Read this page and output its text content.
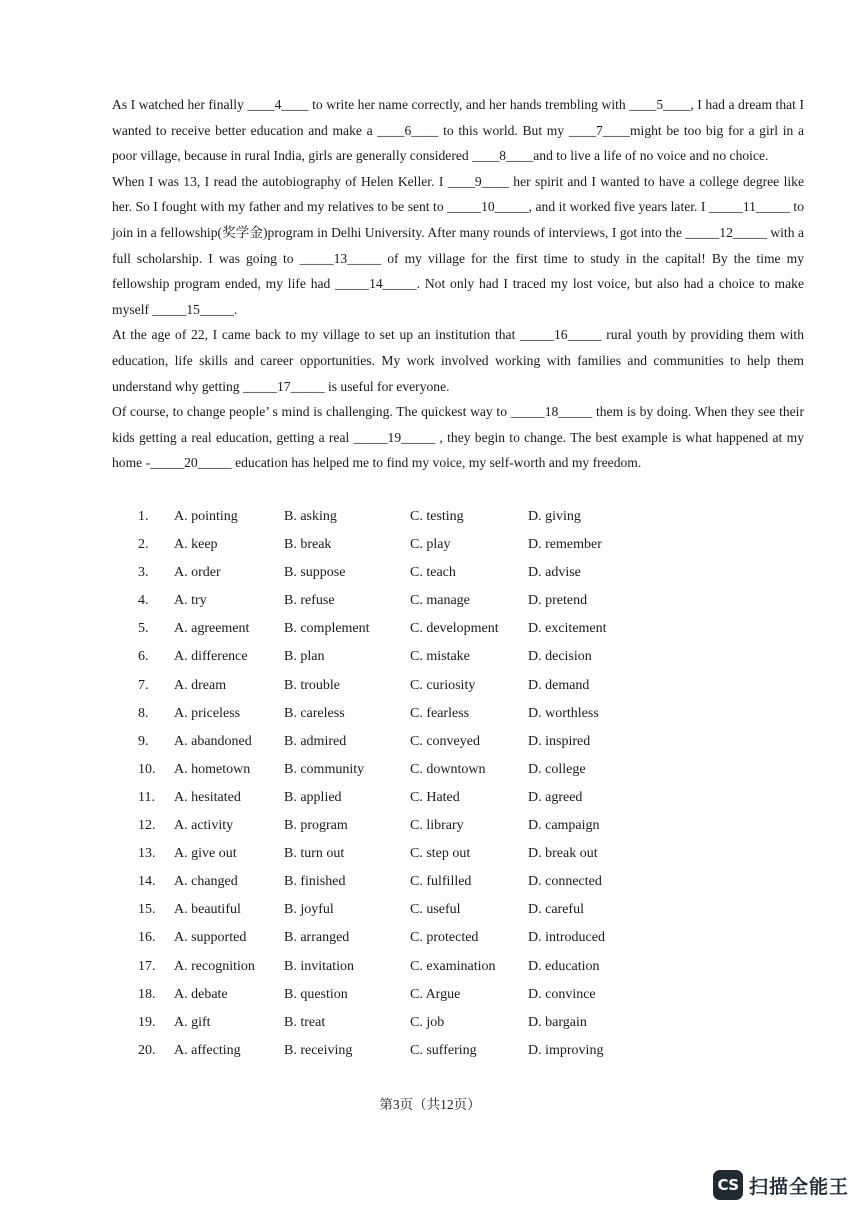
As I watched her finally ____4____ to write her name correctly, and her hands trembling with ____5____, I had a dream that I wanted to receive better education and make a ____6____ to this world. But my ____7____might be too big for a girl in a poor village, because in rural India, girls are generally considered ____8____and to live a life of no voice and no choice.

When I was 13, I read the autobiography of Helen Keller. I ____9____ her spirit and I wanted to have a college degree like her. So I fought with my father and my relatives to be sent to _____10_____, and it worked five years later. I _____11_____ to join in a fellowship(奖学金)program in Delhi University. After many rounds of interviews, I got into the _____12_____ with a full scholarship. I was going to _____13_____ of my village for the first time to study in the capital! By the time my fellowship program ended, my life had _____14_____. Not only had I traced my lost voice, but also had a choice to make myself _____15_____.

At the age of 22, I came back to my village to set up an institution that _____16_____ rural youth by providing them with education, life skills and career opportunities. My work involved working with families and communities to help them understand why getting _____17_____ is useful for everyone.

Of course, to change people’ s mind is challenging. The quickest way to _____18_____ them is by doing. When they see their kids getting a real education, getting a real _____19_____ , they begin to change. The best example is what happened at my home -_____20_____ education has helped me to find my voice, my self-worth and my freedom.

1.	A. pointing	B. asking	C. testing	D. giving
2.	A. keep	B. break	C. play	D. remember
3.	A. order	B. suppose	C. teach	D. advise
4.	A. try	B. refuse	C. manage	D. pretend
5.	A. agreement	B. complement	C. development	D. excitement
6.	A. difference	B. plan	C. mistake	D. decision
7.	A. dream	B. trouble	C. curiosity	D. demand
8.	A. priceless	B. careless	C. fearless	D. worthless
9.	A. abandoned	B. admired	C. conveyed	D. inspired
10.	A. hometown	B. community	C. downtown	D. college
11.	A. hesitated	B. applied	C. Hated	D. agreed
12.	A. activity	B. program	C. library	D. campaign
13.	A. give out	B. turn out	C. step out	D. break out
14.	A. changed	B. finished	C. fulfilled	D. connected
15.	A. beautiful	B. joyful	C. useful	D. careful
16.	A. supported	B. arranged	C. protected	D. introduced
17.	A. recognition	B. invitation	C. examination	D. education
18.	A. debate	B. question	C. Argue	D. convince
19.	A. gift	B. treat	C. job	D. bargain
20.	A. affecting	B. receiving	C. suffering	D. improving
第3页（共12页）
CS 扫描全能王
